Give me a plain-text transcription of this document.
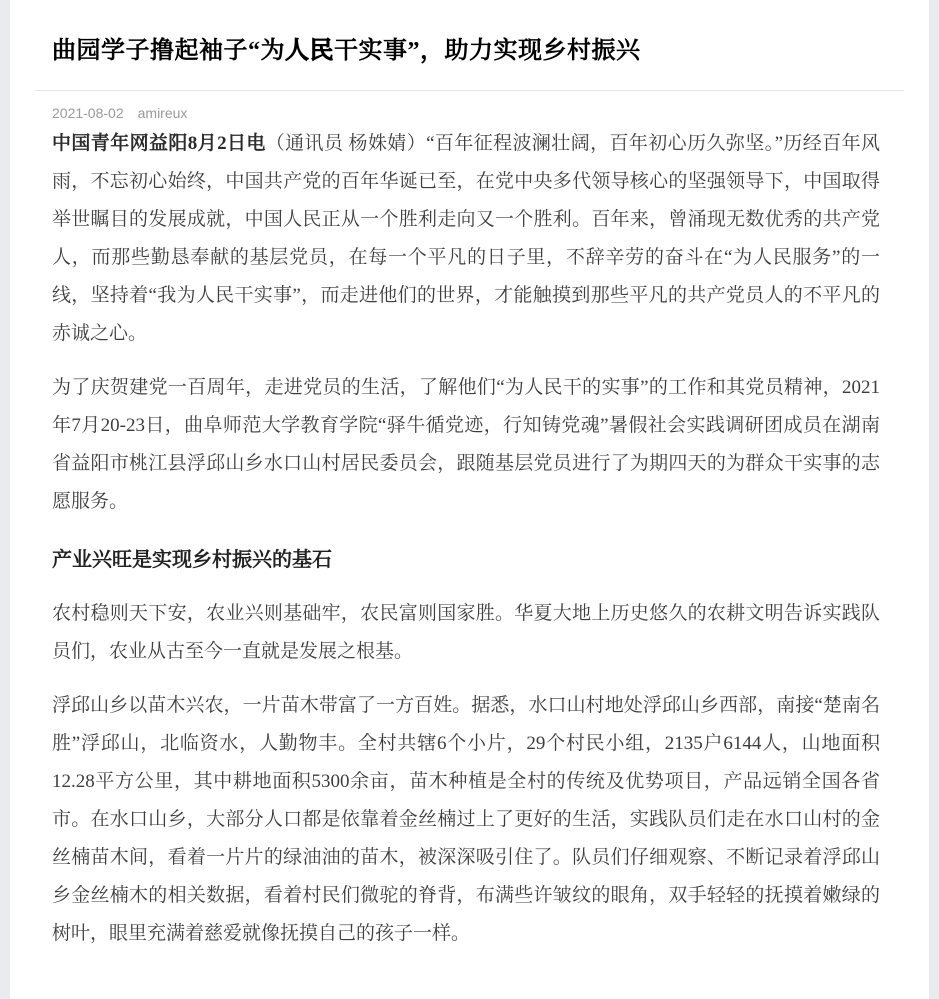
曲园学子撸起袖子“为人民干实事”，助力实现乡村振兴
2021-08-02 amireux

中国青年网益阳8月2日电（通讯员 杨姝婧）“百年征程波澜壮阔，百年初心历久弥坚。”历经百年风雨，不忘初心始终，中国共产党的百年华诞已至，在党中央多代领导核心的坚强领导下，中国取得举世瞩目的发展成就，中国人民正从一个胜利走向又一个胜利。百年来，曾涌现无数优秀的共产党人，而那些勤恳奉献的基层党员，在每一个平凡的日子里，不辞辛劳的奋斗在“为人民服务”的一线，坚持着“我为人民干实事”，而走进他们的世界，才能触摸到那些平凡的共产党员人的不平凡的赤诚之心。

为了庆贺建党一百周年，走进党员的生活，了解他们“为人民干的实事”的工作和其党员精神，2021年7月20-23日，曲阜师范大学教育学院“驿牛循党迹，行知铸党魂”暑假社会实践调研团成员在湖南省益阳市桃江县浮邱山乡水口山村居民委员会，跟随基层党员进行了为期四天的为群众干实事的志愿服务。

产业兴旺是实现乡村振兴的基石

农村稳则天下安，农业兴则基础牢，农民富则国家胜。华夏大地上历史悠久的农耕文明告诉实践队员们，农业从古至今一直就是发展之根基。

浮邱山乡以苗木兴农，一片苗木带富了一方百姓。据悉，水口山村地处浮邱山乡西部，南接“楚南名胜”浮邱山，北临资水，人勤物丰。全村共辖6个小片，29个村民小组，2135户6144人，山地面积12.28平方公里，其中耕地面积5300余亩，苗木种植是全村的传统及优势项目，产品远销全国各省市。在水口山乡，大部分人口都是依靠着金丝楠过上了更好的生活，实践队员们走在水口山村的金丝楠苗木间，看着一片片的绿油油的苗木，被深深吸引住了。队员们仔细观察、不断记录着浮邱山乡金丝楠木的相关数据，看着村民们微驼的脊背，布满些许皱纹的眼角，双手轻轻的抚摸着嫩绿的树叶，眼里充满着慈爱就像抚摸自己的孩子一样。
